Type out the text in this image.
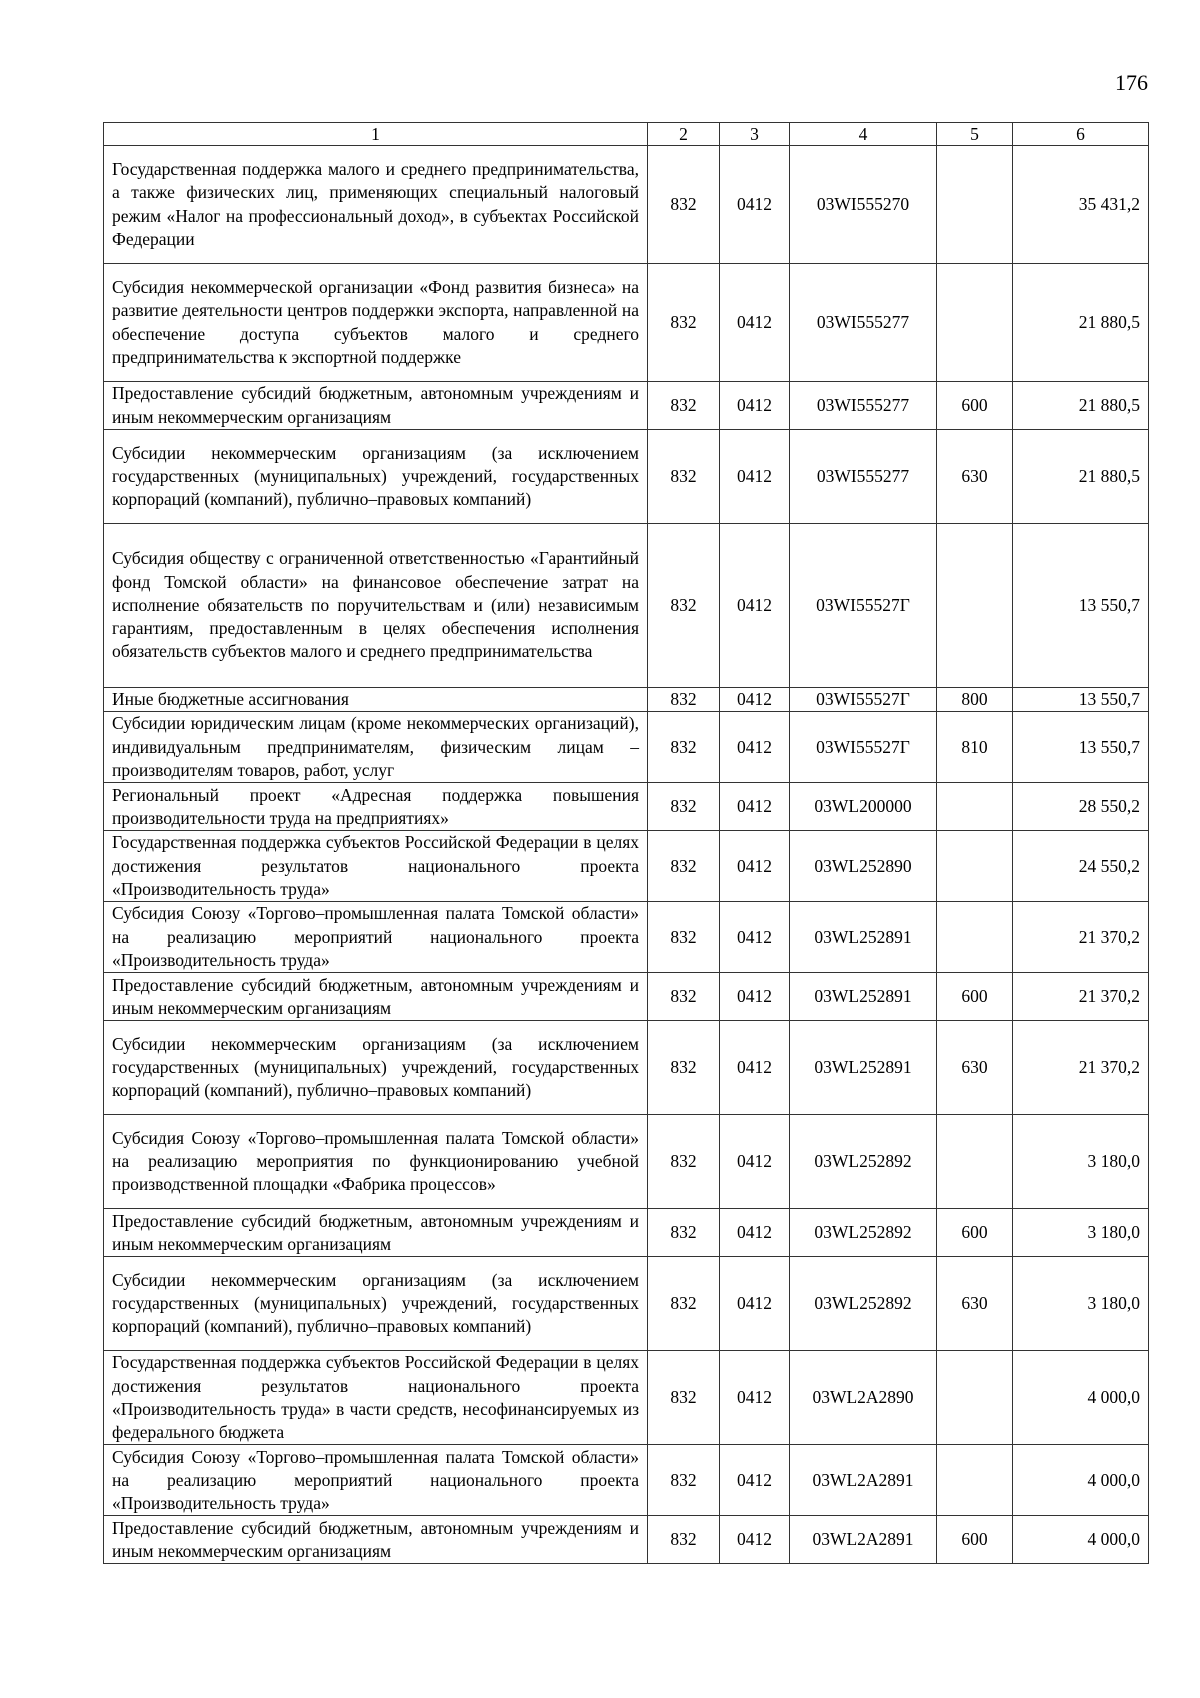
176
1	2	3	4	5	6
Государственная поддержка малого и среднего предпринимательства, а также физических лиц, применяющих специальный налоговый режим «Налог на профессиональный доход», в субъектах Российской Федерации	832	0412	03WI555270		35 431,2
Субсидия некоммерческой организации «Фонд развития бизнеса» на развитие деятельности центров поддержки экспорта, направленной на обеспечение доступа субъектов малого и среднего предпринимательства к экспортной поддержке	832	0412	03WI555277		21 880,5
Предоставление субсидий бюджетным, автономным учреждениям и иным некоммерческим организациям	832	0412	03WI555277	600	21 880,5
Субсидии некоммерческим организациям (за исключением государственных (муниципальных) учреждений, государственных корпораций (компаний), публично–правовых компаний)	832	0412	03WI555277	630	21 880,5
Субсидия обществу с ограниченной ответственностью «Гарантийный фонд Томской области» на финансовое обеспечение затрат на исполнение обязательств по поручительствам и (или) независимым гарантиям, предоставленным в целях обеспечения исполнения обязательств субъектов малого и среднего предпринимательства	832	0412	03WI55527Г		13 550,7
Иные бюджетные ассигнования	832	0412	03WI55527Г	800	13 550,7
Субсидии юридическим лицам (кроме некоммерческих организаций), индивидуальным предпринимателям, физическим лицам – производителям товаров, работ, услуг	832	0412	03WI55527Г	810	13 550,7
Региональный проект «Адресная поддержка повышения производительности труда на предприятиях»	832	0412	03WL200000		28 550,2
Государственная поддержка субъектов Российской Федерации в целях достижения результатов национального проекта «Производительность труда»	832	0412	03WL252890		24 550,2
Субсидия Союзу «Торгово–промышленная палата Томской области» на реализацию мероприятий национального проекта «Производительность труда»	832	0412	03WL252891		21 370,2
Предоставление субсидий бюджетным, автономным учреждениям и иным некоммерческим организациям	832	0412	03WL252891	600	21 370,2
Субсидии некоммерческим организациям (за исключением государственных (муниципальных) учреждений, государственных корпораций (компаний), публично–правовых компаний)	832	0412	03WL252891	630	21 370,2
Субсидия Союзу «Торгово–промышленная палата Томской области» на реализацию мероприятия по функционированию учебной производственной площадки «Фабрика процессов»	832	0412	03WL252892		3 180,0
Предоставление субсидий бюджетным, автономным учреждениям и иным некоммерческим организациям	832	0412	03WL252892	600	3 180,0
Субсидии некоммерческим организациям (за исключением государственных (муниципальных) учреждений, государственных корпораций (компаний), публично–правовых компаний)	832	0412	03WL252892	630	3 180,0
Государственная поддержка субъектов Российской Федерации в целях достижения результатов национального проекта «Производительность труда» в части средств, несофинансируемых из федерального бюджета	832	0412	03WL2A2890		4 000,0
Субсидия Союзу «Торгово–промышленная палата Томской области» на реализацию мероприятий национального проекта «Производительность труда»	832	0412	03WL2A2891		4 000,0
Предоставление субсидий бюджетным, автономным учреждениям и иным некоммерческим организациям	832	0412	03WL2A2891	600	4 000,0
